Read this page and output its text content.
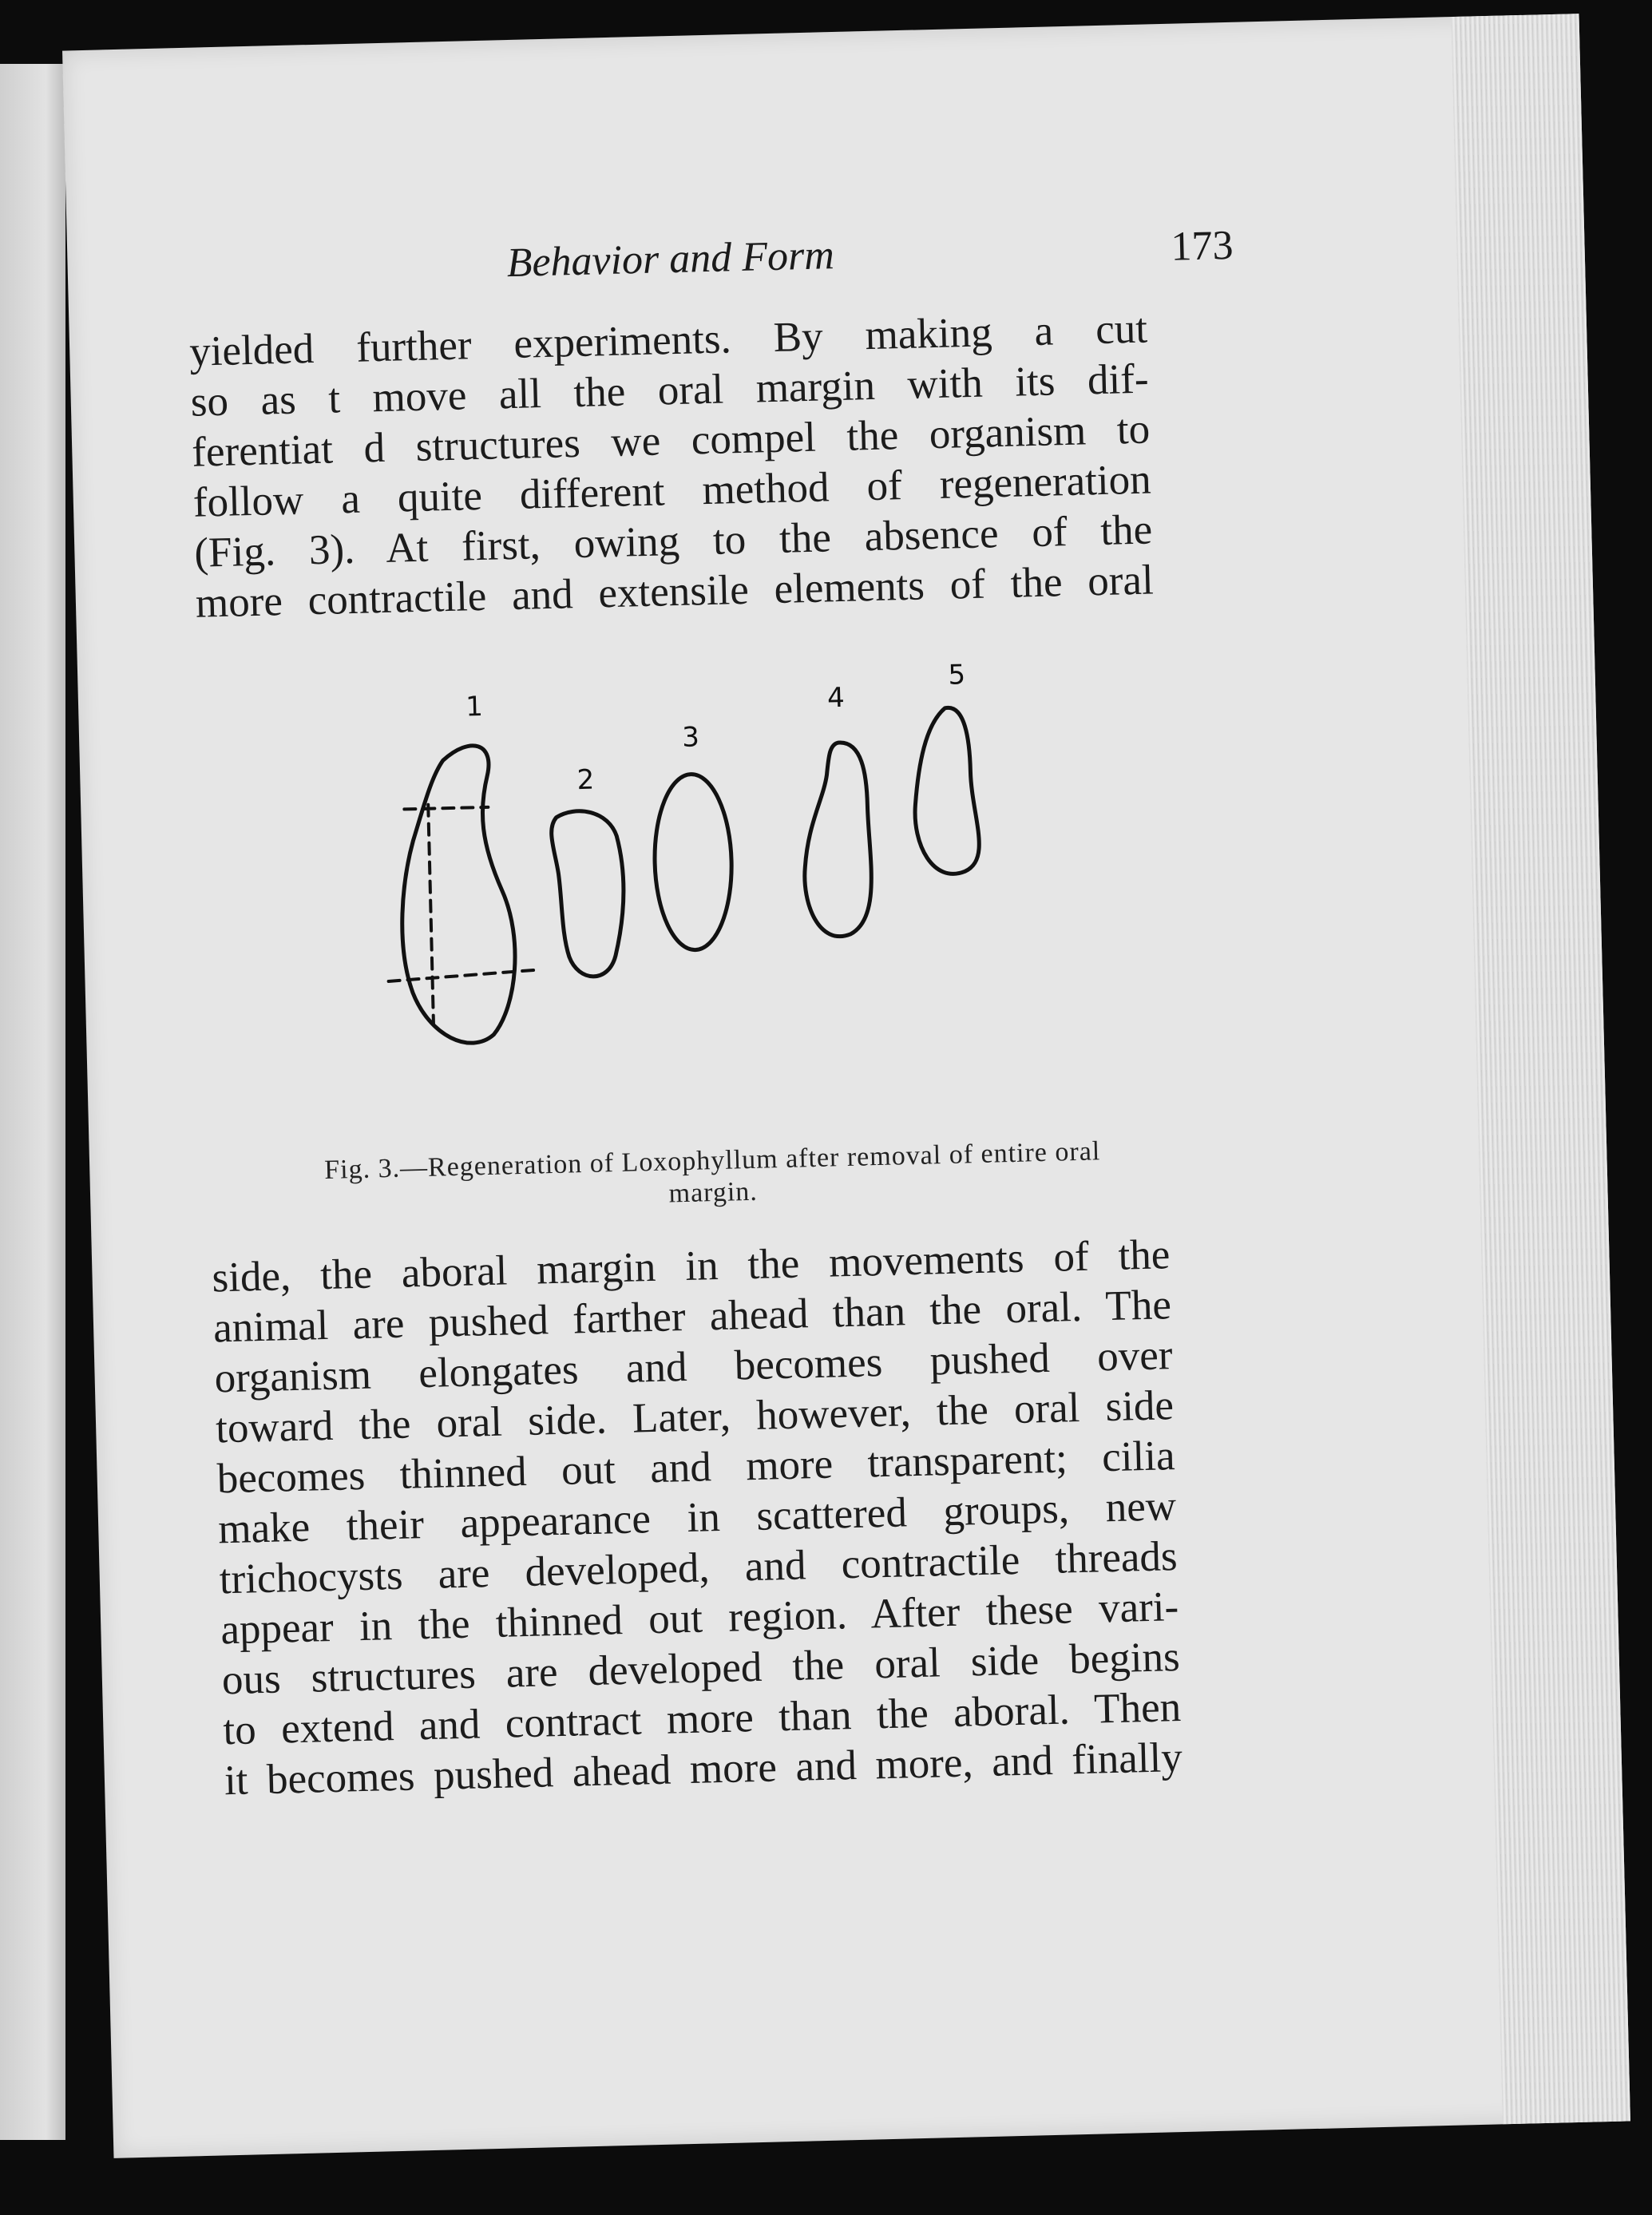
Behavior and Form	173
yielded further experiments. By making a cut
so as t move all the oral margin with its dif-
ferentiat d structures we compel the organism to
follow a quite different method of regeneration
(Fig. 3). At first, owing to the absence of the
more contractile and extensile elements of the oral
1
2
3
4
5
Fig. 3.—Regeneration of Loxophyllum after removal of entire oral
margin.
side, the aboral margin in the movements of the
animal are pushed farther ahead than the oral. The
organism elongates and becomes pushed over
toward the oral side. Later, however, the oral side
becomes thinned out and more transparent; cilia
make their appearance in scattered groups, new
trichocysts are developed, and contractile threads
appear in the thinned out region. After these vari-
ous structures are developed the oral side begins
to extend and contract more than the aboral. Then
it becomes pushed ahead more and more, and finally
